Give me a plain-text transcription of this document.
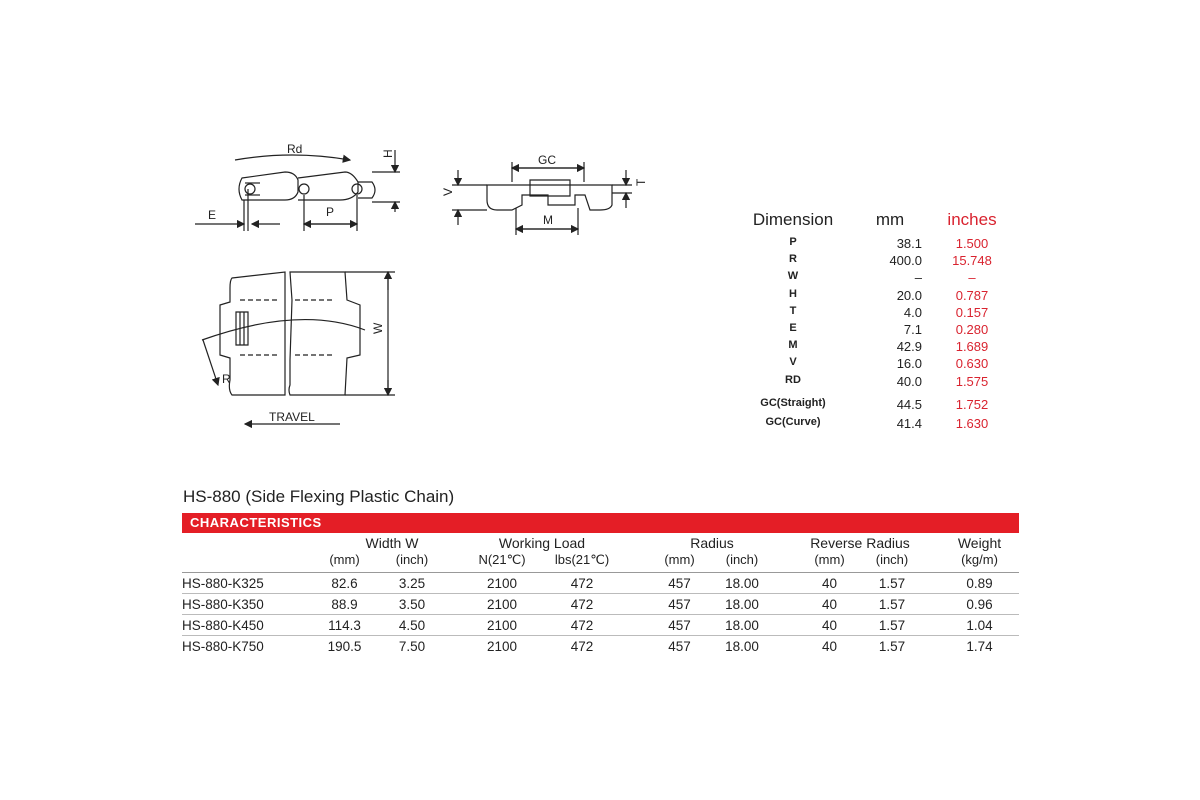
Rd	H
E	P
GC
T
V
M
W
R
TRAVEL
Dimension	mm	inches
P	38.1	1.500
R	400.0	15.748
W	–	–
H	20.0	0.787
T	4.0	0.157
E	7.1	0.280
M	42.9	1.689
V	16.0	0.630
RD	40.0	1.575
GC(Straight)	44.5	1.752
GC(Curve)	41.4	1.630
HS-880 (Side Flexing Plastic Chain)
CHARACTERISTICS
Width W	Working Load	Radius	Reverse Radius	Weight
(mm)	(inch)	N(21℃)	lbs(21℃)	(mm)	(inch)	(mm)	(inch)	(kg/m)
HS-880-K325	82.6	3.25	2100	472	457	18.00	40	1.57	0.89
HS-880-K350	88.9	3.50	2100	472	457	18.00	40	1.57	0.96
HS-880-K450	114.3	4.50	2100	472	457	18.00	40	1.57	1.04
HS-880-K750	190.5	7.50	2100	472	457	18.00	40	1.57	1.74
